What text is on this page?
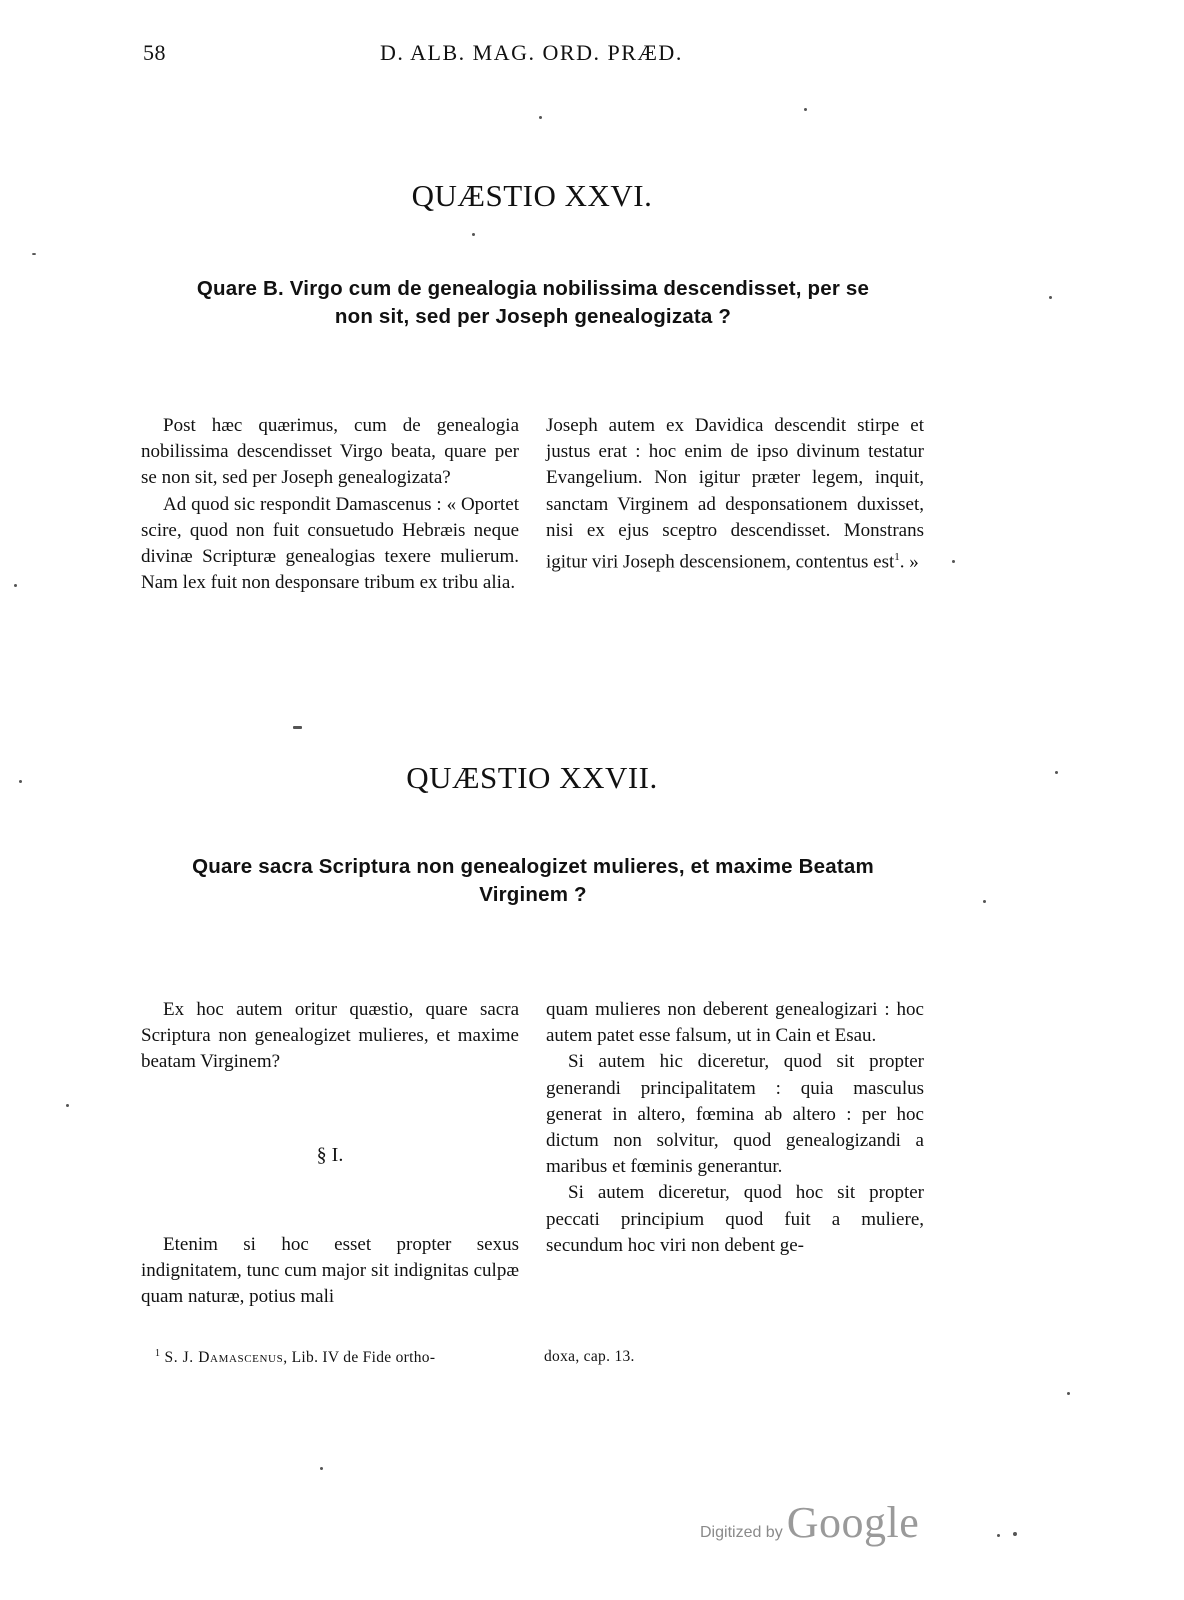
58	D. ALB. MAG. ORD. PRÆD.
QUÆSTIO XXVI.
Quare B. Virgo cum de genealogia nobilissima descendisset, per se
non sit, sed per Joseph genealogizata ?

Post hæc quærimus, cum de genealogia nobilissima descendisset Virgo beata, quare per se non sit, sed per Joseph genealogizata?

Ad quod sic respondit Damascenus : « Oportet scire, quod non fuit consuetudo Hebræis neque divinæ Scripturæ genealogias texere mulierum. Nam lex fuit non desponsare tribum ex tribu alia.

Joseph autem ex Davidica descendit stirpe et justus erat : hoc enim de ipso divinum testatur Evangelium. Non igitur præter legem, inquit, sanctam Virginem ad desponsationem duxisset, nisi ex ejus sceptro descendisset. Monstrans igitur viri Joseph descensionem, contentus est$^1$. »

QUÆSTIO XXVII.
Quare sacra Scriptura non genealogizet mulieres, et maxime Beatam
Virginem ?

Ex hoc autem oritur quæstio, quare sacra Scriptura non genealogizet mulieres, et maxime beatam Virginem?

§ I.

Etenim si hoc esset propter sexus indignitatem, tunc cum major sit indignitas culpæ quam naturæ, potius mali

quam mulieres non deberent genealogizari : hoc autem patet esse falsum, ut in Cain et Esau.

Si autem hic diceretur, quod sit propter generandi principalitatem : quia masculus generat in altero, fœmina ab altero : per hoc dictum non solvitur, quod genealogizandi a maribus et fœminis generantur.

Si autem diceretur, quod hoc sit propter peccati principium quod fuit a muliere, secundum hoc viri non debent ge-

$^1$ S. J. Damascenus, Lib. IV de Fide ortho-	doxa, cap. 13.
Digitized by Google
